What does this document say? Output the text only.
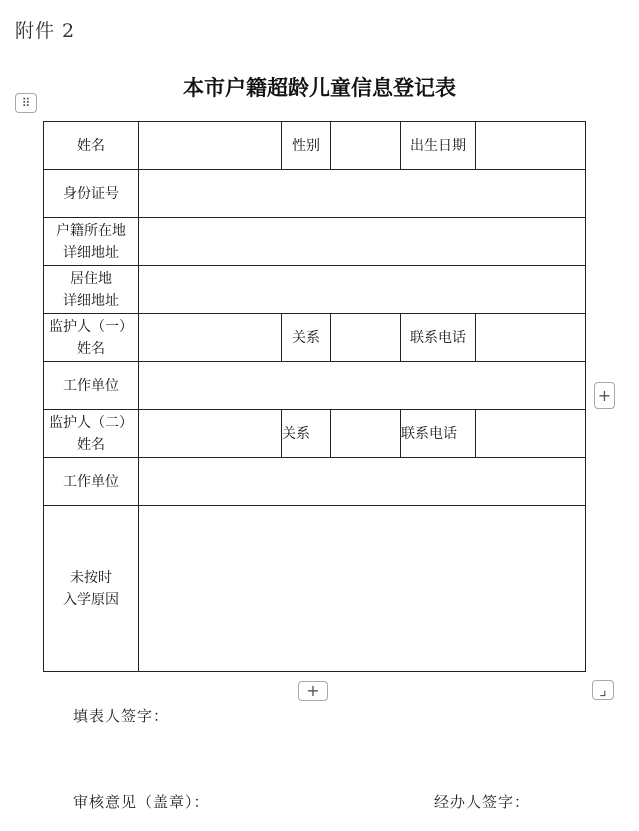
附件 2
本市户籍超龄儿童信息登记表
⠿
姓名		性别		出生日期	
身份证号					

户籍所在地
详细地址					

居住地
详细地址					

监护人（一）
姓名		关系		联系电话	
工作单位					

监护人（二）
姓名		关系		联系电话	
工作单位					

未按时
入学原因					

+
+	⌟
填表人签字：
审核意见（盖章）：	经办人签字：
